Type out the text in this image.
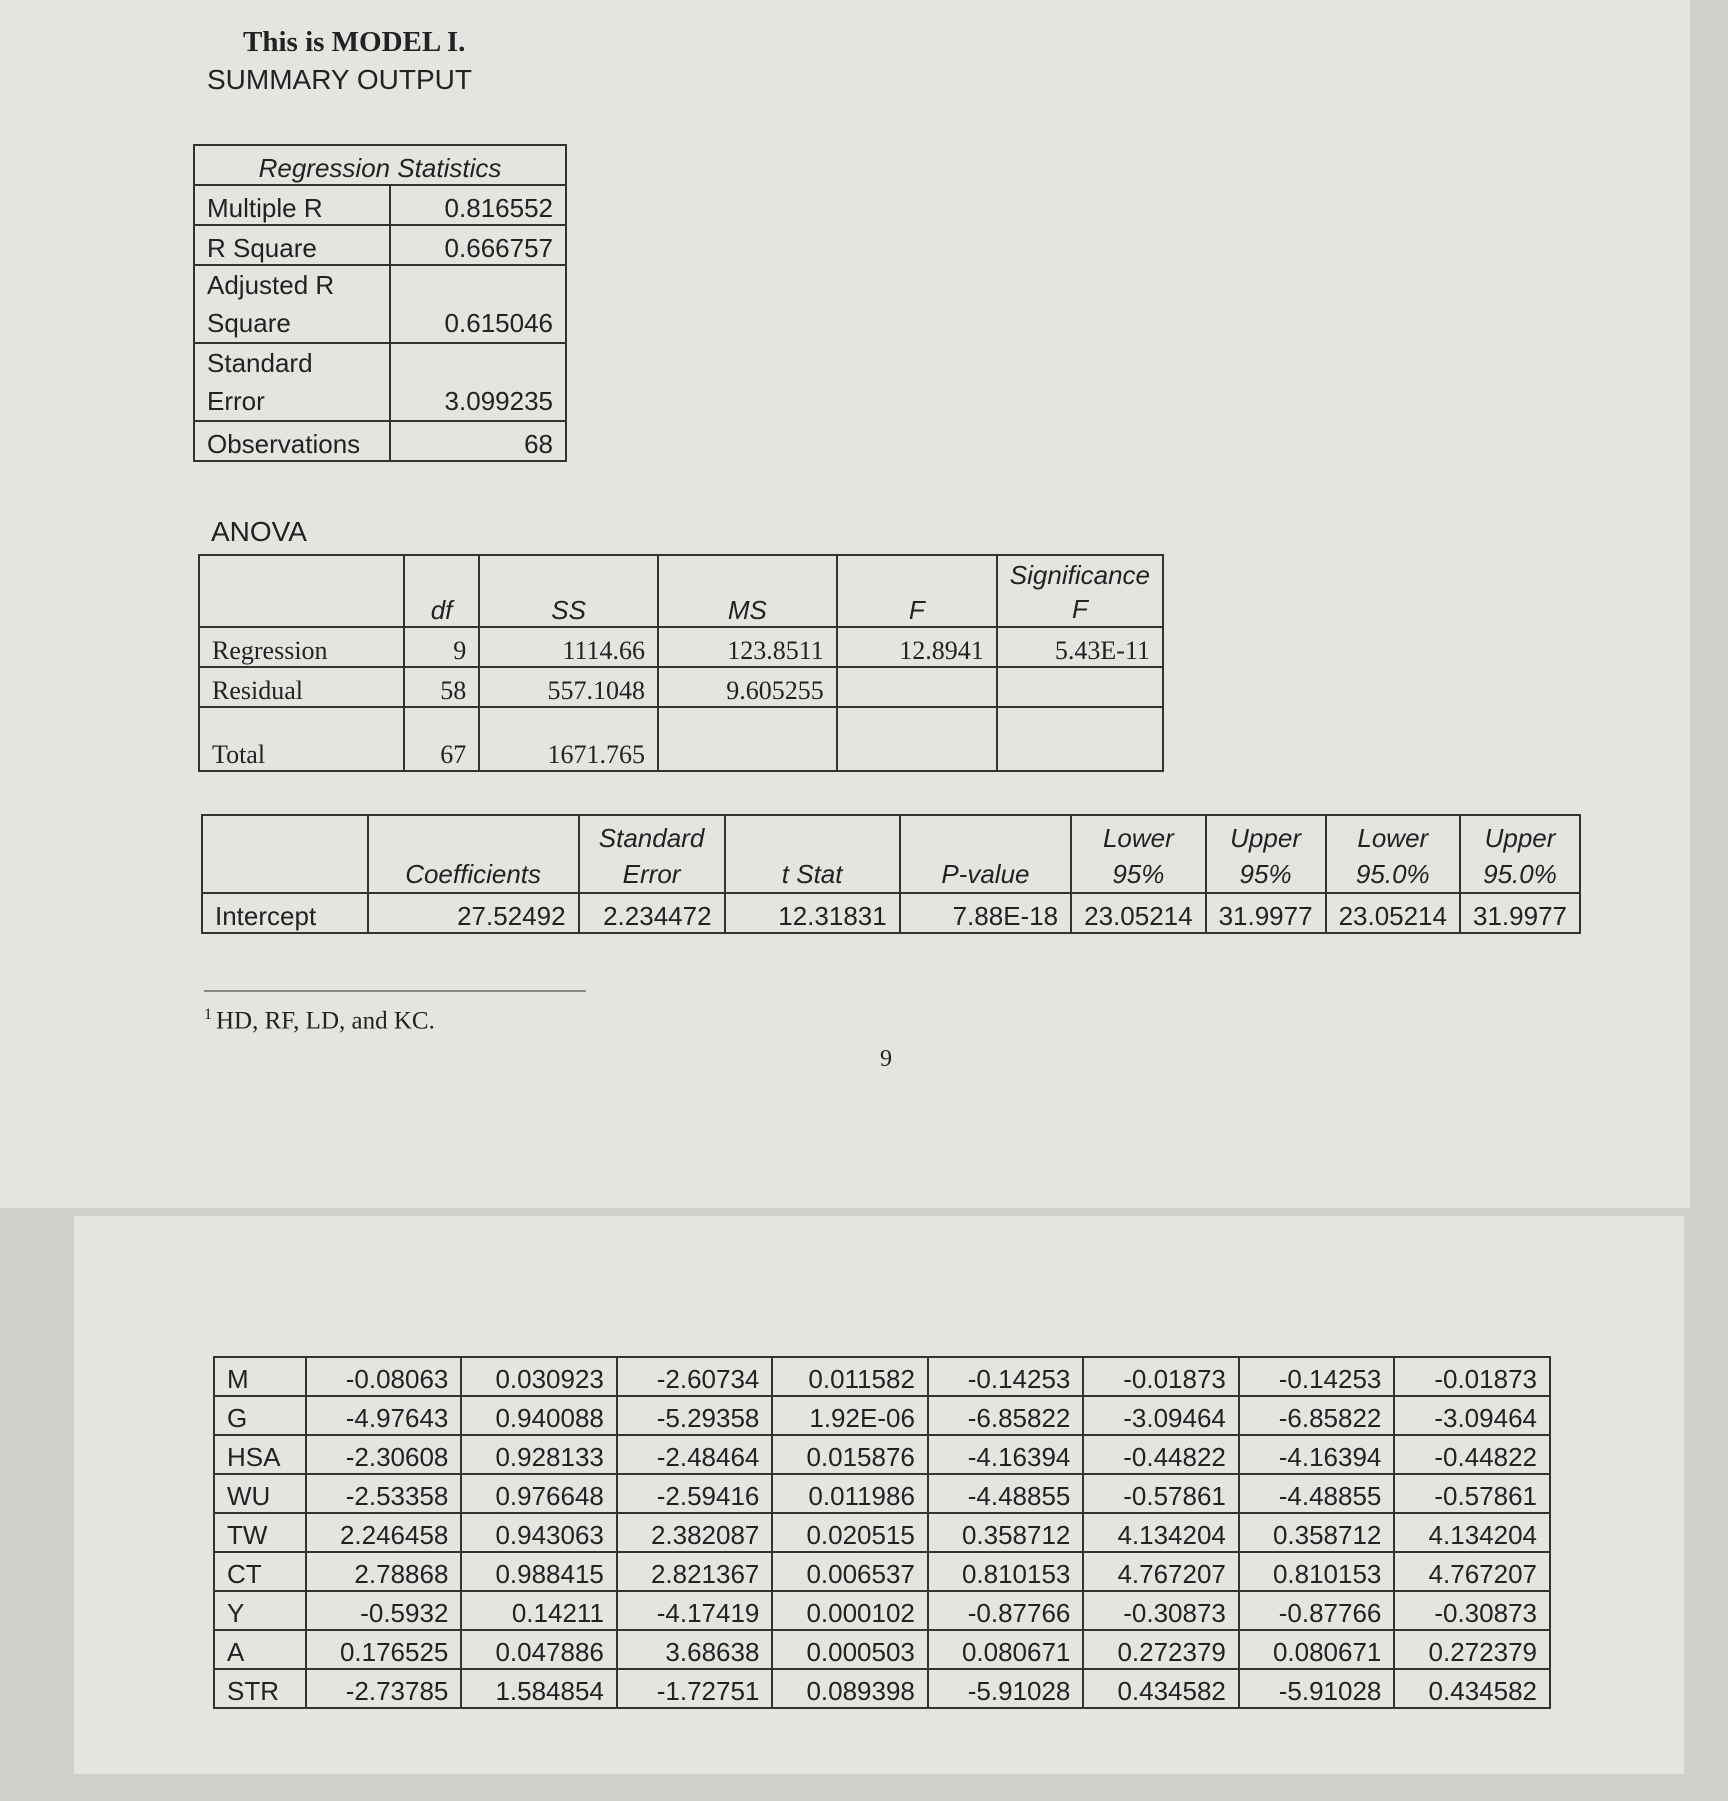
This is MODEL I.
SUMMARY OUTPUT
Regression Statistics	
Multiple R	0.816552
R Square	0.666757
Adjusted R Square	0.615046
Standard Error	3.099235
Observations	68
ANOVA
	df	SS	MS	F	Significance F
Regression	9	1114.66	123.8511	12.8941	5.43E-11
Residual	58	557.1048	9.605255		
Total	67	1671.765			
	Coefficients	Standard Error	t Stat	P-value	Lower 95%	Upper 95%	Lower 95.0%	Upper 95.0%
Intercept	27.52492	2.234472	12.31831	7.88E-18	23.05214	31.9977	23.05214	31.9977
$^1$ HD, RF, LD, and KC.
9
M	-0.08063	0.030923	-2.60734	0.011582	-0.14253	-0.01873	-0.14253	-0.01873
G	-4.97643	0.940088	-5.29358	1.92E-06	-6.85822	-3.09464	-6.85822	-3.09464
HSA	-2.30608	0.928133	-2.48464	0.015876	-4.16394	-0.44822	-4.16394	-0.44822
WU	-2.53358	0.976648	-2.59416	0.011986	-4.48855	-0.57861	-4.48855	-0.57861
TW	2.246458	0.943063	2.382087	0.020515	0.358712	4.134204	0.358712	4.134204
CT	2.78868	0.988415	2.821367	0.006537	0.810153	4.767207	0.810153	4.767207
Y	-0.5932	0.14211	-4.17419	0.000102	-0.87766	-0.30873	-0.87766	-0.30873
A	0.176525	0.047886	3.68638	0.000503	0.080671	0.272379	0.080671	0.272379
STR	-2.73785	1.584854	-1.72751	0.089398	-5.91028	0.434582	-5.91028	0.434582
